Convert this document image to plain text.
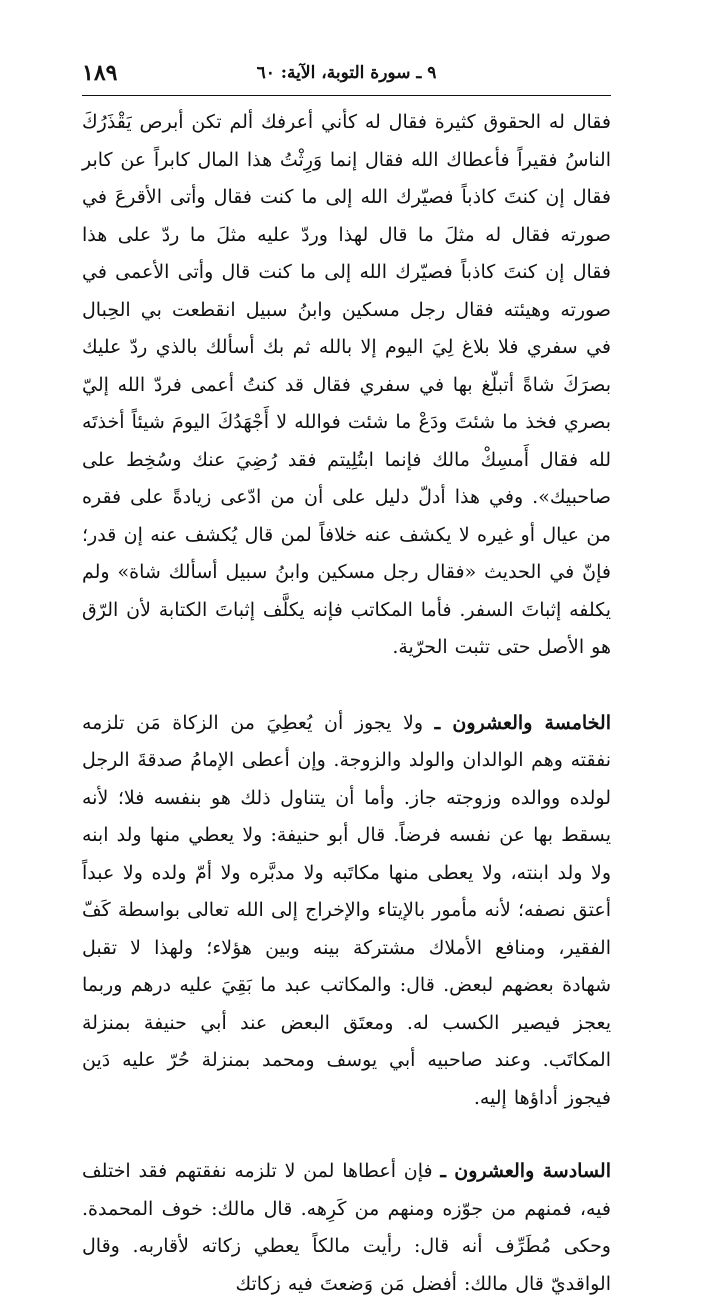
١٨٩	٩ ـ سورة التوبة، الآية: ٦٠

فقال له الحقوق كثيرة فقال له كأني أعرفك ألم تكن أبرص يَقْذَرُكَ الناسُ فقيراً فأعطاك الله فقال إنما وَرِثْتُ هذا المال كابراً عن كابر فقال إن كنتَ كاذباً فصيّرك الله إلى ما كنت فقال وأتى الأقرعَ في صورته فقال له مثلَ ما قال لهذا وردّ عليه مثلَ ما ردّ على هذا فقال إن كنتَ كاذباً فصيّرك الله إلى ما كنت قال وأتى الأعمى في صورته وهيئته فقال رجل مسكين وابنُ سبيل انقطعت بي الحِبال في سفري فلا بلاغ لِيَ اليوم إلا بالله ثم بك أسألك بالذي ردّ عليك بصرَكَ شاةً أتبلّغ بها في سفري فقال قد كنتُ أعمى فردّ الله إليّ بصري فخذ ما شئتَ ودَعْ ما شئت فوالله لا أَجْهَدُكَ اليومَ شيئاً أخذتَه لله فقال أَمسِكْ مالك فإنما ابتُلِيتم فقد رُضِيَ عنك وسُخِط على صاحبيك». وفي هذا أدلّ دليل على أن من ادّعى زيادةً على فقره من عيال أو غيره لا يكشف عنه خلافاً لمن قال يُكشف عنه إن قدر؛ فإنّ في الحديث «فقال رجل مسكين وابنُ سبيل أسألك شاة» ولم يكلفه إثباتَ السفر. فأما المكاتب فإنه يكلَّف إثباتَ الكتابة لأن الرّق هو الأصل حتى تثبت الحرّية.

الخامسة والعشرون ـ ولا يجوز أن يُعطِيَ من الزكاة مَن تلزمه نفقته وهم الوالدان والولد والزوجة. وإن أعطى الإمامُ صدقةَ الرجل لولده ووالده وزوجته جاز. وأما أن يتناول ذلك هو بنفسه فلا؛ لأنه يسقط بها عن نفسه فرضاً. قال أبو حنيفة: ولا يعطي منها ولد ابنه ولا ولد ابنته، ولا يعطى منها مكاتَبه ولا مدبَّره ولا أمّ ولده ولا عبداً أعتق نصفه؛ لأنه مأمور بالإيتاء والإخراج إلى الله تعالى بواسطة كَفّ الفقير، ومنافع الأملاك مشتركة بينه وبين هؤلاء؛ ولهذا لا تقبل شهادة بعضهم لبعض. قال: والمكاتب عبد ما بَقِيَ عليه درهم وربما يعجز فيصير الكسب له. ومعتَق البعض عند أبي حنيفة بمنزلة المكاتَب. وعند صاحبيه أبي يوسف ومحمد بمنزلة حُرّ عليه دَين فيجوز أداؤها إليه.

السادسة والعشرون ـ فإن أعطاها لمن لا تلزمه نفقتهم فقد اختلف فيه، فمنهم من جوّزه ومنهم من كَرِهه. قال مالك: خوف المحمدة. وحكى مُطَرِّف أنه قال: رأيت مالكاً يعطي زكاته لأقاربه. وقال الواقديّ قال مالك: أفضل مَن وَضعتَ فيه زكاتك
